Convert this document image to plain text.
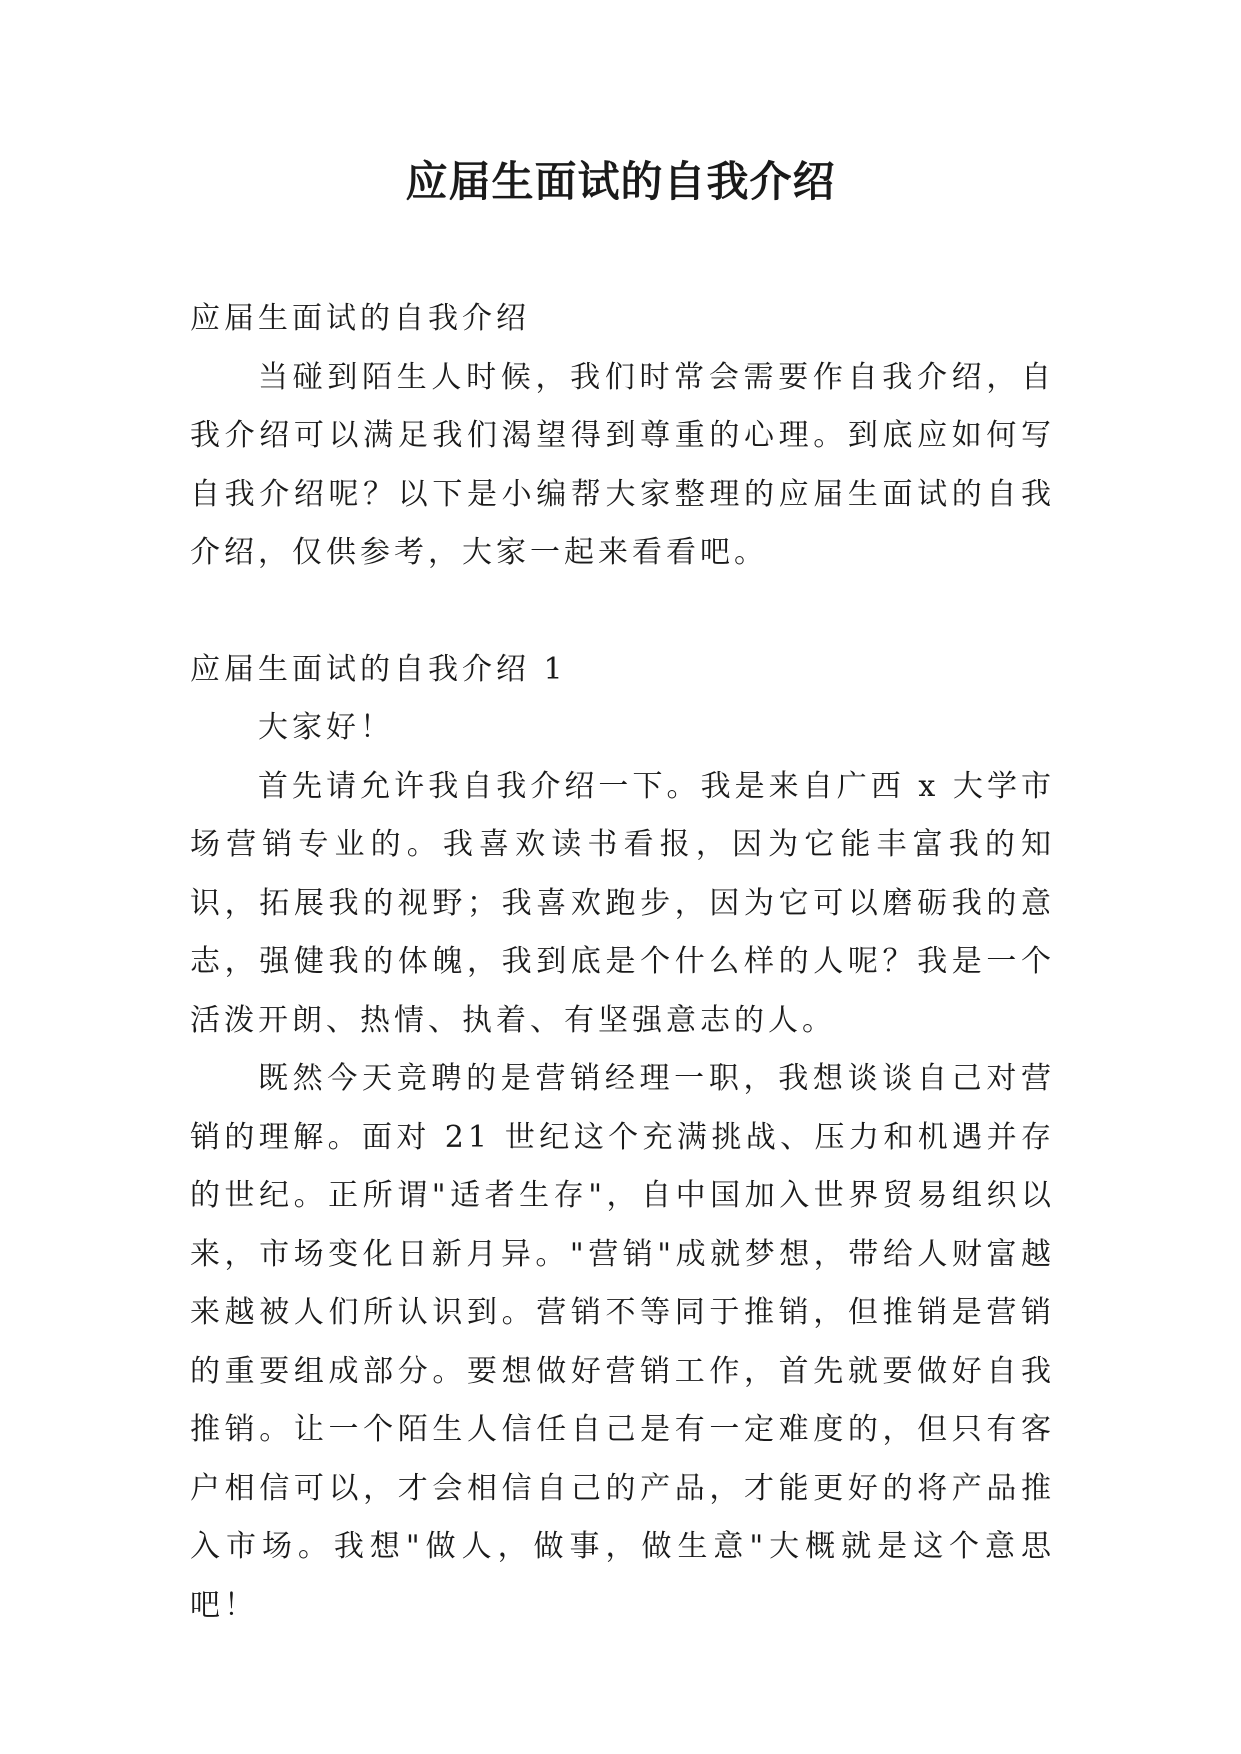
应届生面试的自我介绍

应届生面试的自我介绍

当碰到陌生人时候，我们时常会需要作自我介绍，自我介绍可以满足我们渴望得到尊重的心理。到底应如何写自我介绍呢？以下是小编帮大家整理的应届生面试的自我介绍，仅供参考，大家一起来看看吧。

应届生面试的自我介绍 1

大家好！

首先请允许我自我介绍一下。我是来自广西 x 大学市场营销专业的。我喜欢读书看报，因为它能丰富我的知识，拓展我的视野；我喜欢跑步，因为它可以磨砺我的意志，强健我的体魄，我到底是个什么样的人呢？我是一个活泼开朗、热情、执着、有坚强意志的人。

既然今天竞聘的是营销经理一职，我想谈谈自己对营销的理解。面对 21 世纪这个充满挑战、压力和机遇并存的世纪。正所谓"适者生存"，自中国加入世界贸易组织以来，市场变化日新月异。"营销"成就梦想，带给人财富越来越被人们所认识到。营销不等同于推销，但推销是营销的重要组成部分。要想做好营销工作，首先就要做好自我推销。让一个陌生人信任自己是有一定难度的，但只有客户相信可以，才会相信自己的产品，才能更好的将产品推入市场。我想"做人，做事，做生意"大概就是这个意思吧！
